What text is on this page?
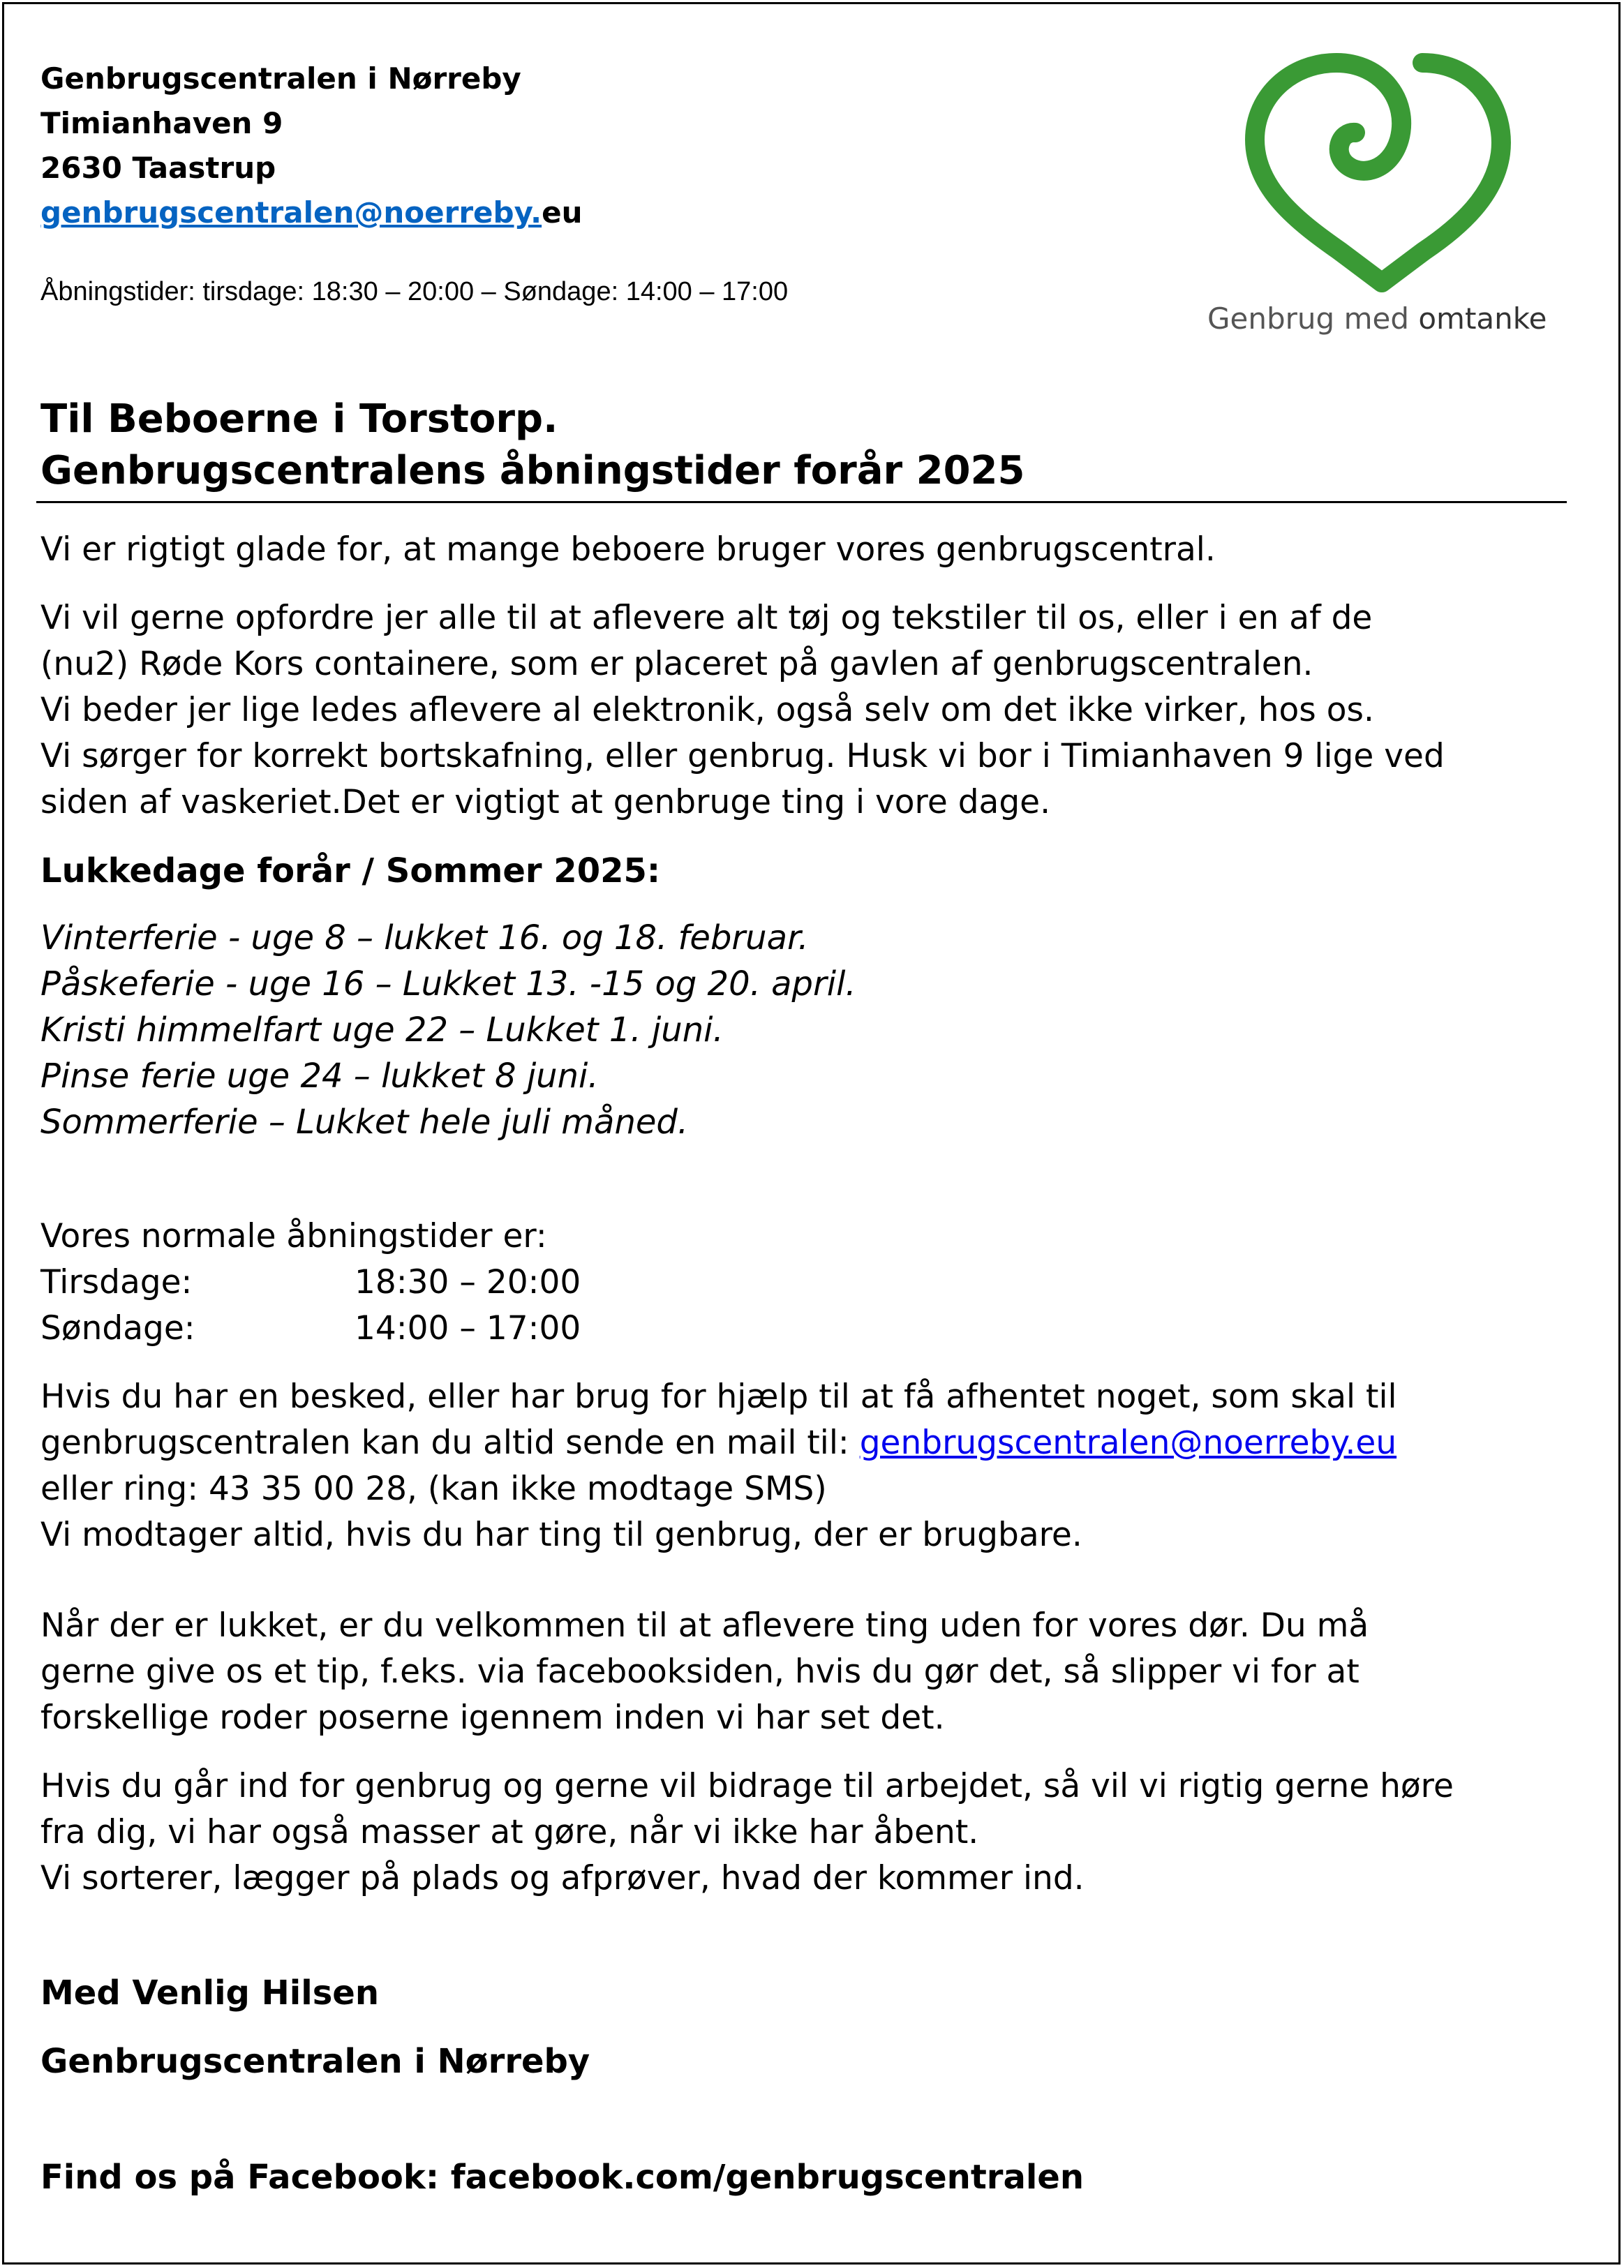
Genbrugscentralen i Nørreby
Timianhaven 9
2630 Taastrup
genbrugscentralen@noerreby.eu
Åbningstider: tirsdage: 18:30 – 20:00 – Søndage: 14:00 – 17:00
Genbrug med omtanke
Til Beboerne i Torstorp.
Genbrugscentralens åbningstider forår 2025
Vi er rigtigt glade for, at mange beboere bruger vores genbrugscentral.
Vi vil gerne opfordre jer alle til at aflevere alt tøj og tekstiler til os, eller i en af de
(nu2) Røde Kors containere, som er placeret på gavlen af genbrugscentralen.
Vi beder jer lige ledes aflevere al elektronik, også selv om det ikke virker, hos os.
Vi sørger for korrekt bortskafning, eller genbrug. Husk vi bor i Timianhaven 9 lige ved
siden af vaskeriet.Det er vigtigt at genbruge ting i vore dage.
Lukkedage forår / Sommer 2025:
Vinterferie - uge 8 – lukket 16. og 18. februar.
Påskeferie - uge 16 – Lukket 13. -15 og 20. april.
Kristi himmelfart uge 22 – Lukket 1. juni.
Pinse ferie uge 24 – lukket 8 juni.
Sommerferie – Lukket hele juli måned.
Vores normale åbningstider er:
Tirsdage:	18:30 – 20:00
Søndage:	14:00 – 17:00
Hvis du har en besked, eller har brug for hjælp til at få afhentet noget, som skal til
genbrugscentralen kan du altid sende en mail til: genbrugscentralen@noerreby.eu
eller ring: 43 35 00 28, (kan ikke modtage SMS)
Vi modtager altid, hvis du har ting til genbrug, der er brugbare.
Når der er lukket, er du velkommen til at aflevere ting uden for vores dør. Du må
gerne give os et tip, f.eks. via facebooksiden, hvis du gør det, så slipper vi for at
forskellige roder poserne igennem inden vi har set det.
Hvis du går ind for genbrug og gerne vil bidrage til arbejdet, så vil vi rigtig gerne høre
fra dig, vi har også masser at gøre, når vi ikke har åbent.
Vi sorterer, lægger på plads og afprøver, hvad der kommer ind.
Med Venlig Hilsen
Genbrugscentralen i Nørreby
Find os på Facebook: facebook.com/genbrugscentralen
